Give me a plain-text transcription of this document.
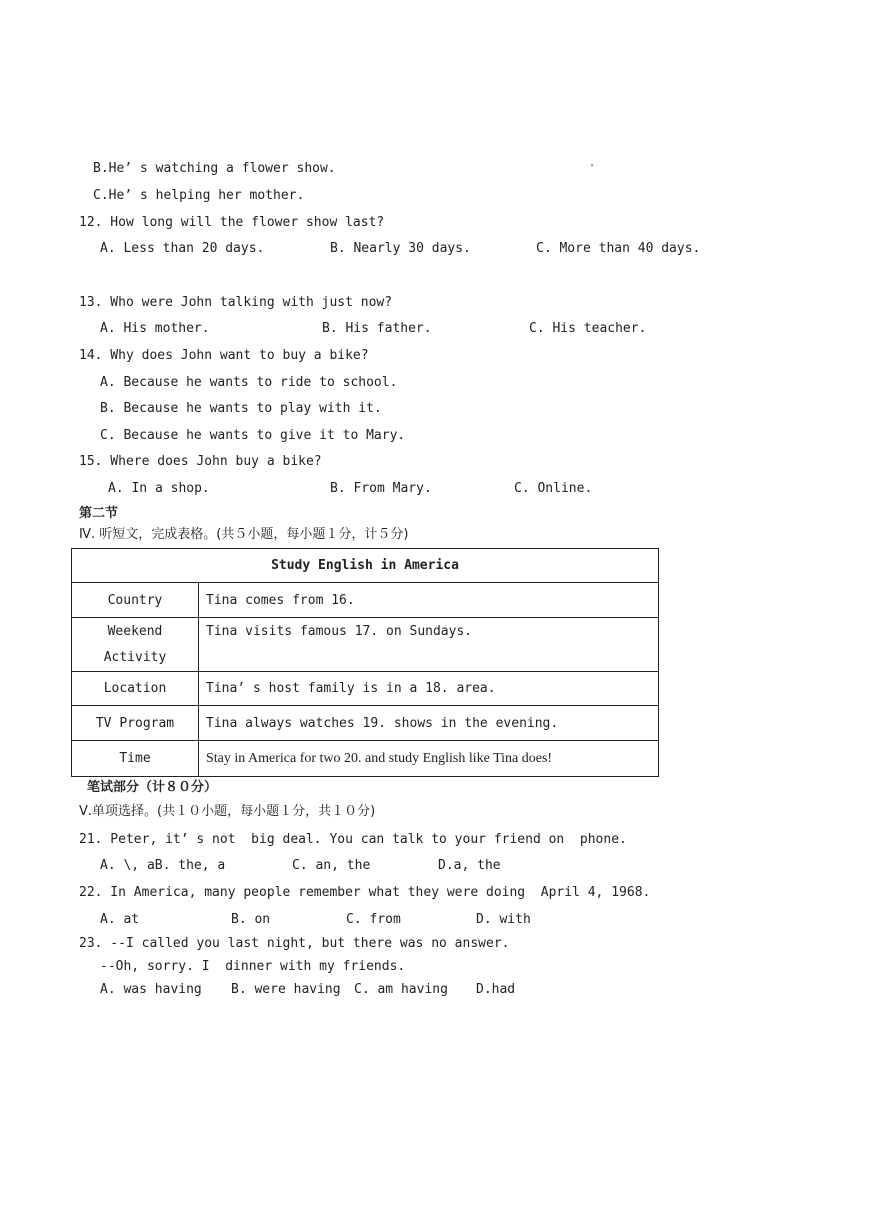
B.He’ s watching a flower show.	.
C.He’ s helping her mother.
12. How long will the flower show last?
A. Less than 20 days.	B. Nearly 30 days.	C. More than 40 days.
13. Who were John talking with just now?
A. His mother.	B. His father.	C. His teacher.
14. Why does John want to buy a bike?
A. Because he wants to ride to school.
B. Because he wants to play with it.
C. Because he wants to give it to Mary.
15. Where does John buy a bike?
A. In a shop.	B. From Mary.	C. Online.
第二节
Ⅳ. 听短文，完成表格。(共５小题，每小题１分，计５分)
Study English in America	
Country	Tina comes from 16.
Weekend Activity	Tina visits famous 17. on Sundays.
Location	Tina’ s host family is in a 18. area.
TV Program	Tina always watches 19. shows in the evening.
Time	Stay in America for two 20. and study English like Tina does!
笔试部分（计８０分）
Ⅴ.单项选择。(共１０小题，每小题１分，共１０分)
21. Peter, it’ s not  big deal. You can talk to your friend on  phone.
A. \, aB. the, a	C. an, the	D.a, the
22. In America, many people remember what they were doing  April 4, 1968.
A. at	B. on	C. from	D. with
23. --I called you last night, but there was no answer.
--Oh, sorry. I  dinner with my friends.
A. was having B. were having C. am having D.had
